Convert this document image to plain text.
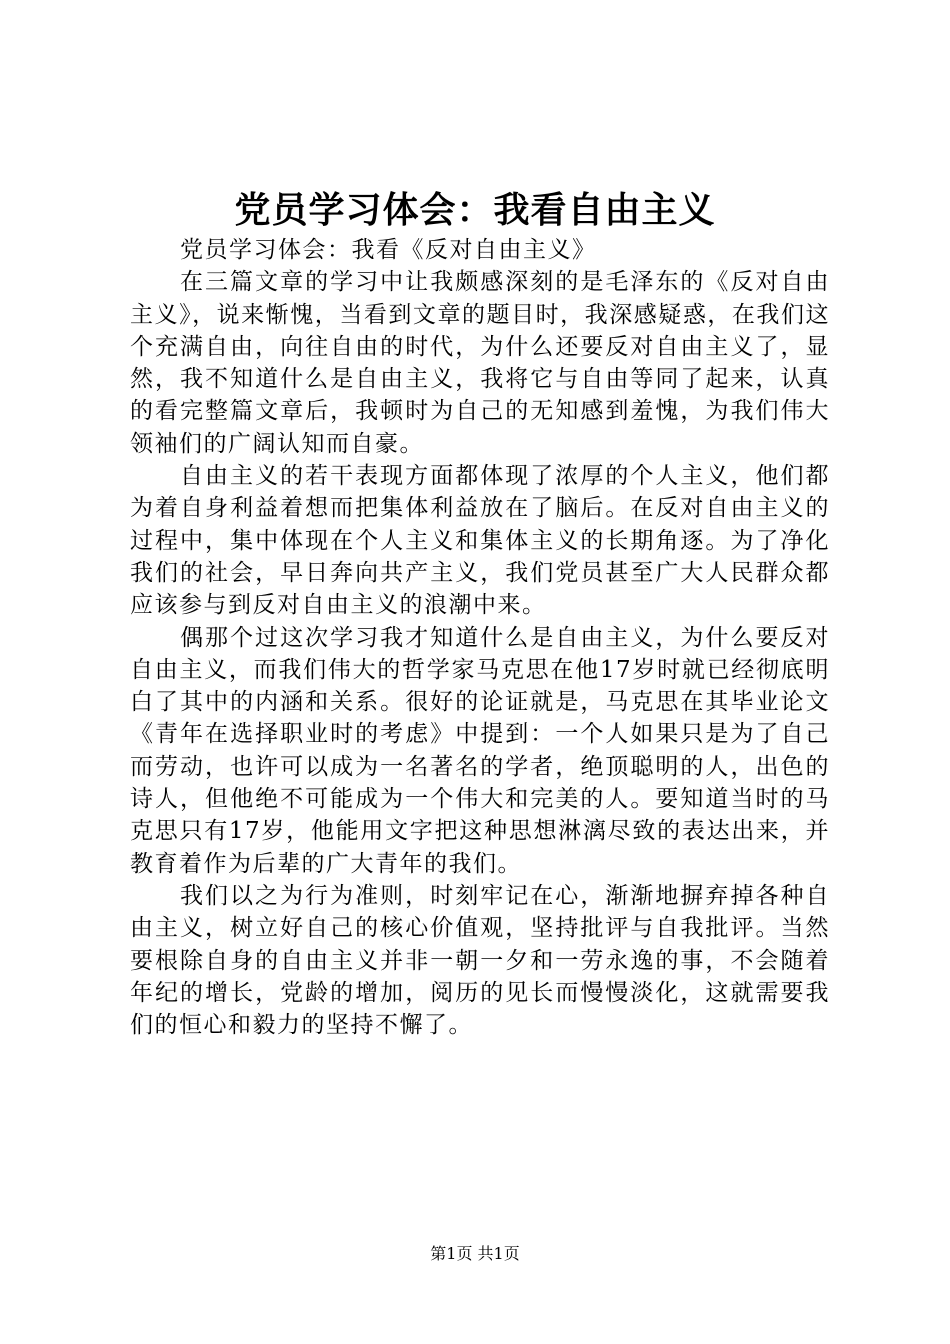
党员学习体会：我看自由主义

党员学习体会：我看《反对自由主义》

在三篇文章的学习中让我颇感深刻的是毛泽东的《反对自由主义》，说来惭愧，当看到文章的题目时，我深感疑惑，在我们这个充满自由，向往自由的时代，为什么还要反对自由主义了，显然，我不知道什么是自由主义，我将它与自由等同了起来，认真的看完整篇文章后，我顿时为自己的无知感到羞愧，为我们伟大领袖们的广阔认知而自豪。

自由主义的若干表现方面都体现了浓厚的个人主义，他们都为着自身利益着想而把集体利益放在了脑后。在反对自由主义的过程中，集中体现在个人主义和集体主义的长期角逐。为了净化我们的社会，早日奔向共产主义，我们党员甚至广大人民群众都应该参与到反对自由主义的浪潮中来。

偶那个过这次学习我才知道什么是自由主义，为什么要反对自由主义，而我们伟大的哲学家马克思在他17岁时就已经彻底明白了其中的内涵和关系。很好的论证就是，马克思在其毕业论文《青年在选择职业时的考虑》中提到：一个人如果只是为了自己而劳动，也许可以成为一名著名的学者，绝顶聪明的人，出色的诗人，但他绝不可能成为一个伟大和完美的人。要知道当时的马克思只有17岁，他能用文字把这种思想淋漓尽致的表达出来，并教育着作为后辈的广大青年的我们。

我们以之为行为准则，时刻牢记在心，渐渐地摒弃掉各种自由主义，树立好自己的核心价值观，坚持批评与自我批评。当然要根除自身的自由主义并非一朝一夕和一劳永逸的事，不会随着年纪的增长，党龄的增加，阅历的见长而慢慢淡化，这就需要我们的恒心和毅力的坚持不懈了。

第1页 共1页
